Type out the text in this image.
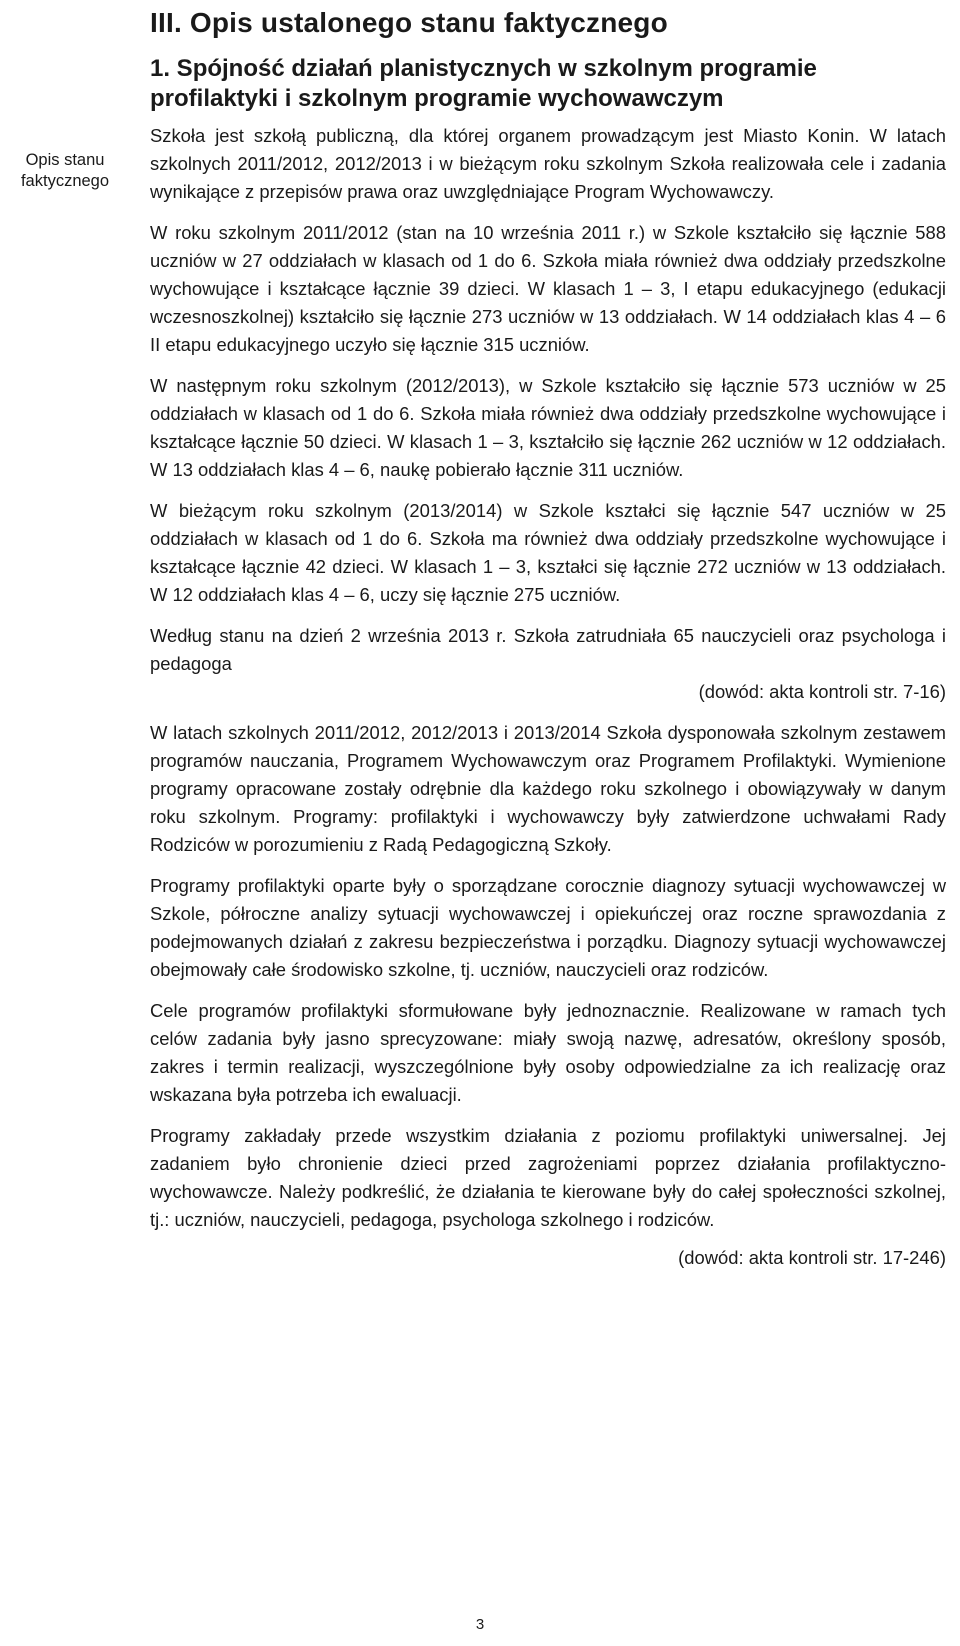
Opis stanu faktycznego
III. Opis ustalonego stanu faktycznego
1. Spójność działań planistycznych w szkolnym programie profilaktyki i szkolnym programie wychowawczym

Szkoła jest szkołą publiczną, dla której organem prowadzącym jest Miasto Konin. W latach szkolnych 2011/2012, 2012/2013 i w bieżącym roku szkolnym Szkoła realizowała cele i zadania wynikające z przepisów prawa oraz uwzględniające Program Wychowawczy.

W roku szkolnym 2011/2012 (stan na 10 września 2011 r.) w Szkole kształciło się łącznie 588 uczniów w 27 oddziałach w klasach od 1 do 6. Szkoła miała również dwa oddziały przedszkolne wychowujące i kształcące łącznie 39 dzieci. W klasach 1 – 3, I etapu edukacyjnego (edukacji wczesnoszkolnej) kształciło się łącznie 273 uczniów w 13 oddziałach. W 14 oddziałach klas 4 – 6 II etapu edukacyjnego uczyło się łącznie 315 uczniów.

W następnym roku szkolnym (2012/2013), w Szkole kształciło się łącznie 573 uczniów w 25 oddziałach w klasach od 1 do 6. Szkoła miała również dwa oddziały przedszkolne wychowujące i kształcące łącznie 50 dzieci. W klasach 1 – 3, kształciło się łącznie 262 uczniów w 12 oddziałach. W 13 oddziałach klas 4 – 6, naukę pobierało łącznie 311 uczniów.

W bieżącym roku szkolnym (2013/2014) w Szkole kształci się łącznie 547 uczniów w 25 oddziałach w klasach od 1 do 6. Szkoła ma również dwa oddziały przedszkolne wychowujące i kształcące łącznie 42 dzieci. W klasach 1 – 3, kształci się łącznie 272 uczniów w 13 oddziałach. W 12 oddziałach klas 4 – 6, uczy się łącznie 275 uczniów.

Według stanu na dzień 2 września 2013 r. Szkoła zatrudniała 65 nauczycieli oraz psychologa i pedagoga

(dowód: akta kontroli str. 7-16)

W latach szkolnych 2011/2012, 2012/2013 i 2013/2014 Szkoła dysponowała szkolnym zestawem programów nauczania, Programem Wychowawczym oraz Programem Profilaktyki. Wymienione programy opracowane zostały odrębnie dla każdego roku szkolnego i obowiązywały w danym roku szkolnym. Programy: profilaktyki i wychowawczy były zatwierdzone uchwałami Rady Rodziców w porozumieniu z Radą Pedagogiczną Szkoły.

Programy profilaktyki oparte były o sporządzane corocznie diagnozy sytuacji wychowawczej w Szkole, półroczne analizy sytuacji wychowawczej i opiekuńczej oraz roczne sprawozdania z podejmowanych działań z zakresu bezpieczeństwa i porządku. Diagnozy sytuacji wychowawczej obejmowały całe środowisko szkolne, tj. uczniów, nauczycieli oraz rodziców.

Cele programów profilaktyki sformułowane były jednoznacznie. Realizowane w ramach tych celów zadania były jasno sprecyzowane: miały swoją nazwę, adresatów, określony sposób, zakres i termin realizacji, wyszczególnione były osoby odpowiedzialne za ich realizację oraz wskazana była potrzeba ich ewaluacji.

Programy zakładały przede wszystkim działania z poziomu profilaktyki uniwersalnej. Jej zadaniem było chronienie dzieci przed zagrożeniami poprzez działania profilaktyczno-wychowawcze. Należy podkreślić, że działania te kierowane były do całej społeczności szkolnej, tj.: uczniów, nauczycieli, pedagoga, psychologa szkolnego i rodziców.

(dowód: akta kontroli str. 17-246)

3
